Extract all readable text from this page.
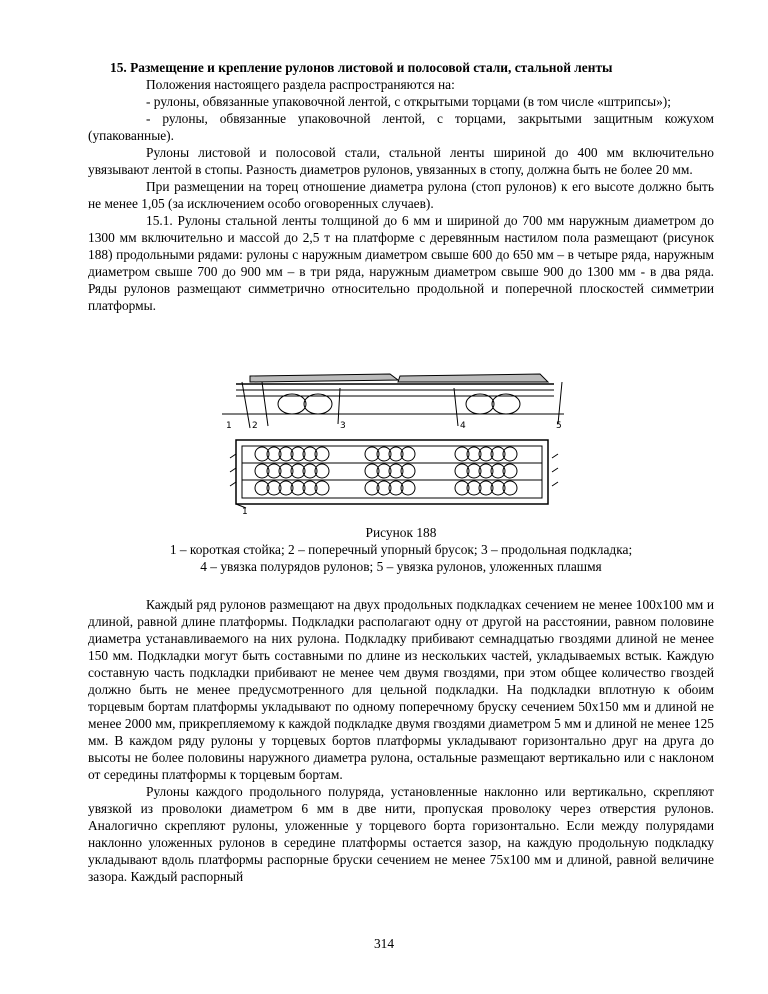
15. Размещение и крепление рулонов листовой и полосовой стали, стальной ленты

Положения настоящего раздела распространяются на:

- рулоны, обвязанные упаковочной лентой, с открытыми торцами (в том числе «штрипсы»);

- рулоны, обвязанные упаковочной лентой, с торцами, закрытыми защитным кожухом (упакованные).

Рулоны листовой и полосовой стали, стальной ленты шириной до 400 мм включительно увязывают лентой в стопы. Разность диаметров рулонов, увязанных в стопу, должна быть не более 20 мм.

При размещении на торец отношение диаметра рулона (стоп рулонов) к его высоте должно быть не менее 1,05 (за исключением особо оговоренных случаев).

15.1. Рулоны стальной ленты толщиной до 6 мм и шириной до 700 мм наружным диаметром до 1300 мм включительно и массой до 2,5 т на платформе с деревянным настилом пола размещают (рисунок 188) продольными рядами: рулоны с наружным диаметром свыше 600 до 650 мм – в четыре ряда, наружным диаметром свыше 700 до 900 мм – в три ряда, наружным диаметром свыше 900 до 1300 мм - в два ряда. Ряды рулонов размещают симметрично относительно продольной и поперечной плоскостей симметрии платформы.

1 2	3	4	5
1
Рисунок 188
1 – короткая стойка; 2 – поперечный упорный брусок; 3 – продольная подкладка;
4 – увязка полурядов рулонов; 5 – увязка рулонов, уложенных плашмя

Каждый ряд рулонов размещают на двух продольных подкладках сечением не менее 100х100 мм и длиной, равной длине платформы. Подкладки располагают одну от другой на расстоянии, равном половине диаметра устанавливаемого на них рулона. Подкладку прибивают семнадцатью гвоздями длиной не менее 150 мм. Подкладки могут быть составными по длине из нескольких частей, укладываемых встык. Каждую составную часть подкладки прибивают не менее чем двумя гвоздями, при этом общее количество гвоздей должно быть не менее предусмотренного для цельной подкладки. На подкладки вплотную к обоим торцевым бортам платформы укладывают по одному поперечному бруску сечением 50х150 мм и длиной не менее 2000 мм, прикрепляемому к каждой подкладке двумя гвоздями диаметром 5 мм и длиной не менее 125 мм. В каждом ряду рулоны у торцевых бортов платформы укладывают горизонтально друг на друга до высоты не более половины наружного диаметра рулона, остальные размещают вертикально или с наклоном от середины платформы к торцевым бортам.

Рулоны каждого продольного полуряда, установленные наклонно или вертикально, скрепляют увязкой из проволоки диаметром 6 мм в две нити, пропуская проволоку через отверстия рулонов. Аналогично скрепляют рулоны, уложенные у торцевого борта горизонтально. Если между полурядами наклонно уложенных рулонов в середине платформы остается зазор, на каждую продольную подкладку укладывают вдоль платформы распорные бруски сечением не менее 75х100 мм и длиной, равной величине зазора. Каждый распорный

314
